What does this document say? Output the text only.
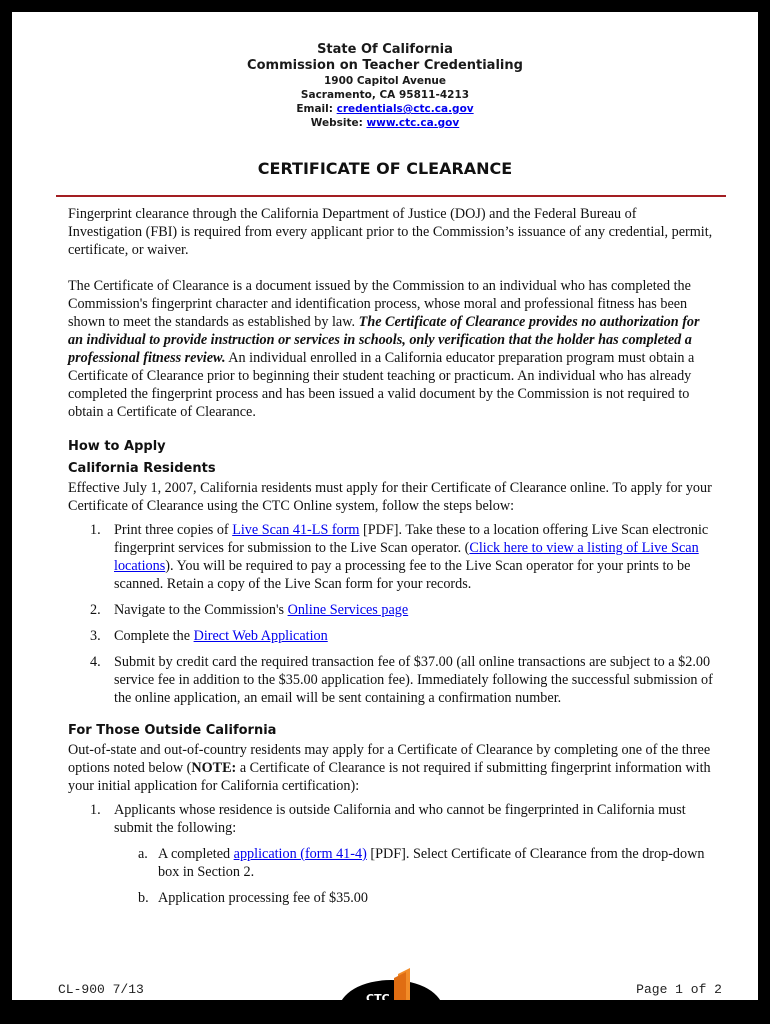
State Of California
Commission on Teacher Credentialing
1900 Capitol Avenue
Sacramento, CA 95811-4213
Email: credentials@ctc.ca.gov
Website: www.ctc.ca.gov
CERTIFICATE OF CLEARANCE

Fingerprint clearance through the California Department of Justice (DOJ) and the Federal Bureau of Investigation (FBI) is required from every applicant prior to the Commission’s issuance of any credential, permit, certificate, or waiver.

The Certificate of Clearance is a document issued by the Commission to an individual who has completed the Commission's fingerprint character and identification process, whose moral and professional fitness has been shown to meet the standards as established by law. The Certificate of Clearance provides no authorization for an individual to provide instruction or services in schools, only verification that the holder has completed a professional fitness review. An individual enrolled in a California educator preparation program must obtain a Certificate of Clearance prior to beginning their student teaching or practicum. An individual who has already completed the fingerprint process and has been issued a valid document by the Commission is not required to obtain a Certificate of Clearance.

How to Apply
California Residents

Effective July 1, 2007, California residents must apply for their Certificate of Clearance online. To apply for your Certificate of Clearance using the CTC Online system, follow the steps below:

1. Print three copies of Live Scan 41-LS form [PDF]. Take these to a location offering Live Scan electronic fingerprint services for submission to the Live Scan operator. (Click here to view a listing of Live Scan locations). You will be required to pay a processing fee to the Live Scan operator for your prints to be scanned. Retain a copy of the Live Scan form for your records.
2. Navigate to the Commission's Online Services page
3. Complete the Direct Web Application
4. Submit by credit card the required transaction fee of $37.00 (all online transactions are subject to a $2.00 service fee in addition to the $35.00 application fee). Immediately following the successful submission of the online application, an email will be sent containing a confirmation number.
For Those Outside California

Out-of-state and out-of-country residents may apply for a Certificate of Clearance by completing one of the three options noted below (NOTE: a Certificate of Clearance is not required if submitting fingerprint information with your initial application for California certification):

1. Applicants whose residence is outside California and who cannot be fingerprinted in California must submit the following:
a. A completed application (form 41-4) [PDF]. Select Certificate of Clearance from the drop-down box in Section 2.
b. Application processing fee of $35.00
CL-900 7/13	Page 1 of 2
CTC
